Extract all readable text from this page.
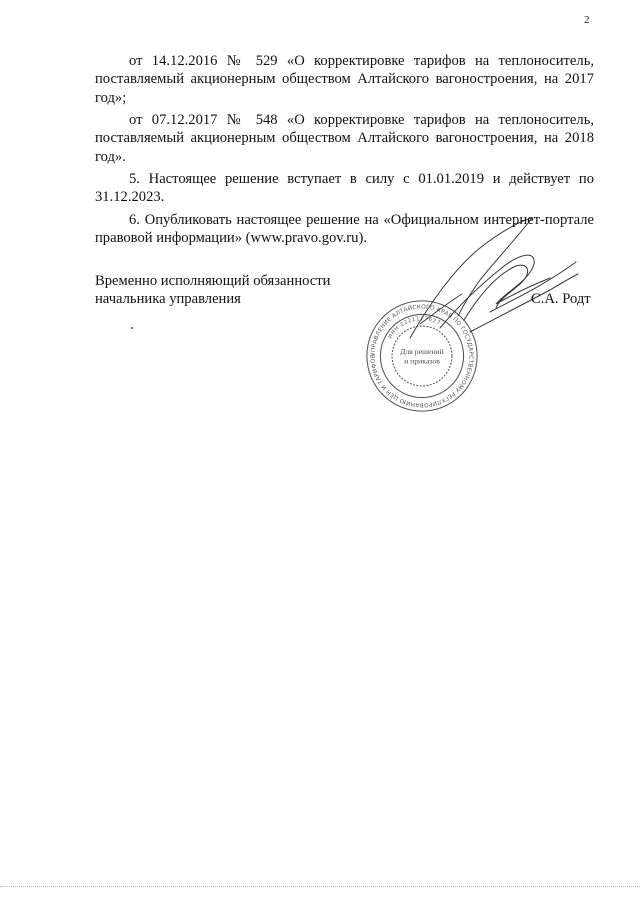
2

от 14.12.2016 № 529 «О корректировке тарифов на теплоноситель, поставляемый акционерным обществом Алтайского вагоностроения, на 2017 год»;

от 07.12.2017 № 548 «О корректировке тарифов на теплоноситель, поставляемый акционерным обществом Алтайского вагоностроения, на 2018 год».

5. Настоящее решение вступает в силу с 01.01.2019 и действует по 31.12.2023.

6. Опубликовать настоящее решение на «Официальном интернет-портале правовой информации» (www.pravo.gov.ru).

Временно исполняющий обязанности
начальника управления
УПРАВЛЕНИЕ АЛТАЙСКОГО КРАЯ ПО ГОСУДАРСТВЕННОМУ РЕГУЛИРОВАНИЮ ЦЕН И ТАРИФОВ
ИНН 2221177627
Для решений
и приказов
С.А. Родт
